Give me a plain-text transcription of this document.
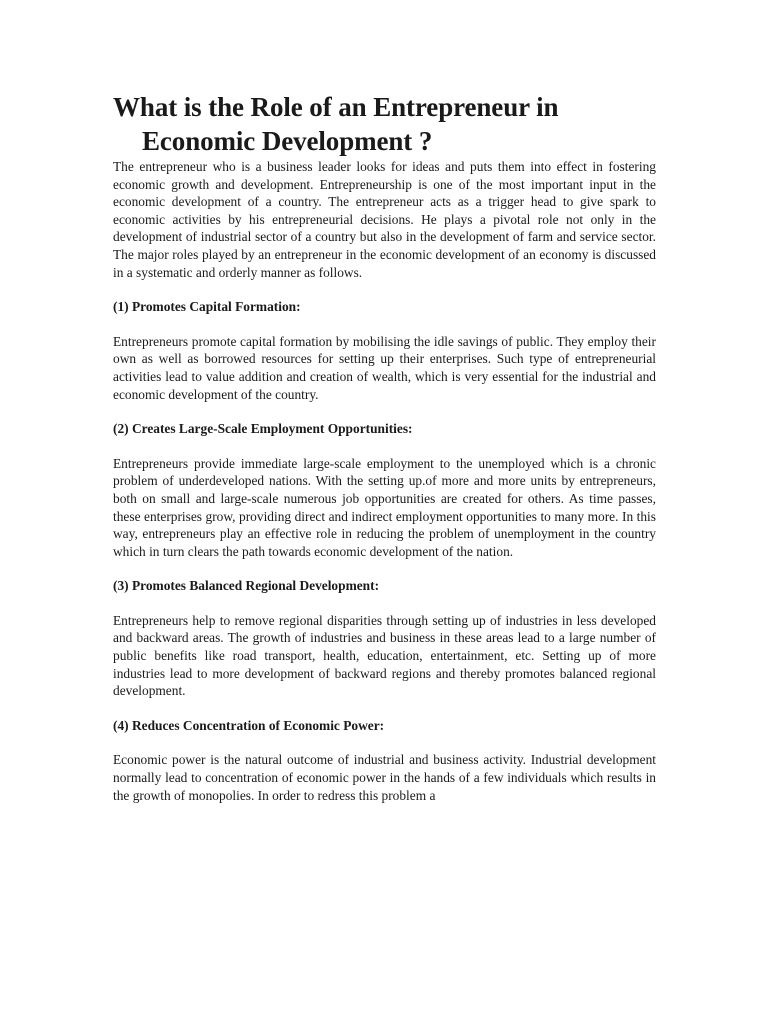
What is the Role of an Entrepreneur in Economic Development ?

The entrepreneur who is a business leader looks for ideas and puts them into effect in fostering economic growth and development. Entrepreneurship is one of the most important input in the economic development of a country. The entrepreneur acts as a trigger head to give spark to economic activities by his entrepreneurial decisions. He plays a pivotal role not only in the development of industrial sector of a country but also in the development of farm and service sector. The major roles played by an entrepreneur in the economic development of an economy is discussed in a systematic and orderly manner as follows.

(1) Promotes Capital Formation:

Entrepreneurs promote capital formation by mobilising the idle savings of public. They employ their own as well as borrowed resources for setting up their enterprises. Such type of entrepreneurial activities lead to value addition and creation of wealth, which is very essential for the industrial and economic development of the country.

(2) Creates Large-Scale Employment Opportunities:

Entrepreneurs provide immediate large-scale employment to the unemployed which is a chronic problem of underdeveloped nations. With the setting up.of more and more units by entrepreneurs, both on small and large-scale numerous job opportunities are created for others. As time passes, these enterprises grow, providing direct and indirect employment opportunities to many more. In this way, entrepreneurs play an effective role in reducing the problem of unemployment in the country which in turn clears the path towards economic development of the nation.

(3) Promotes Balanced Regional Development:

Entrepreneurs help to remove regional disparities through setting up of industries in less developed and backward areas. The growth of industries and business in these areas lead to a large number of public benefits like road transport, health, education, entertainment, etc. Setting up of more industries lead to more development of backward regions and thereby promotes balanced regional development.

(4) Reduces Concentration of Economic Power:

Economic power is the natural outcome of industrial and business activity. Industrial development normally lead to concentration of economic power in the hands of a few individuals which results in the growth of monopolies. In order to redress this problem a
